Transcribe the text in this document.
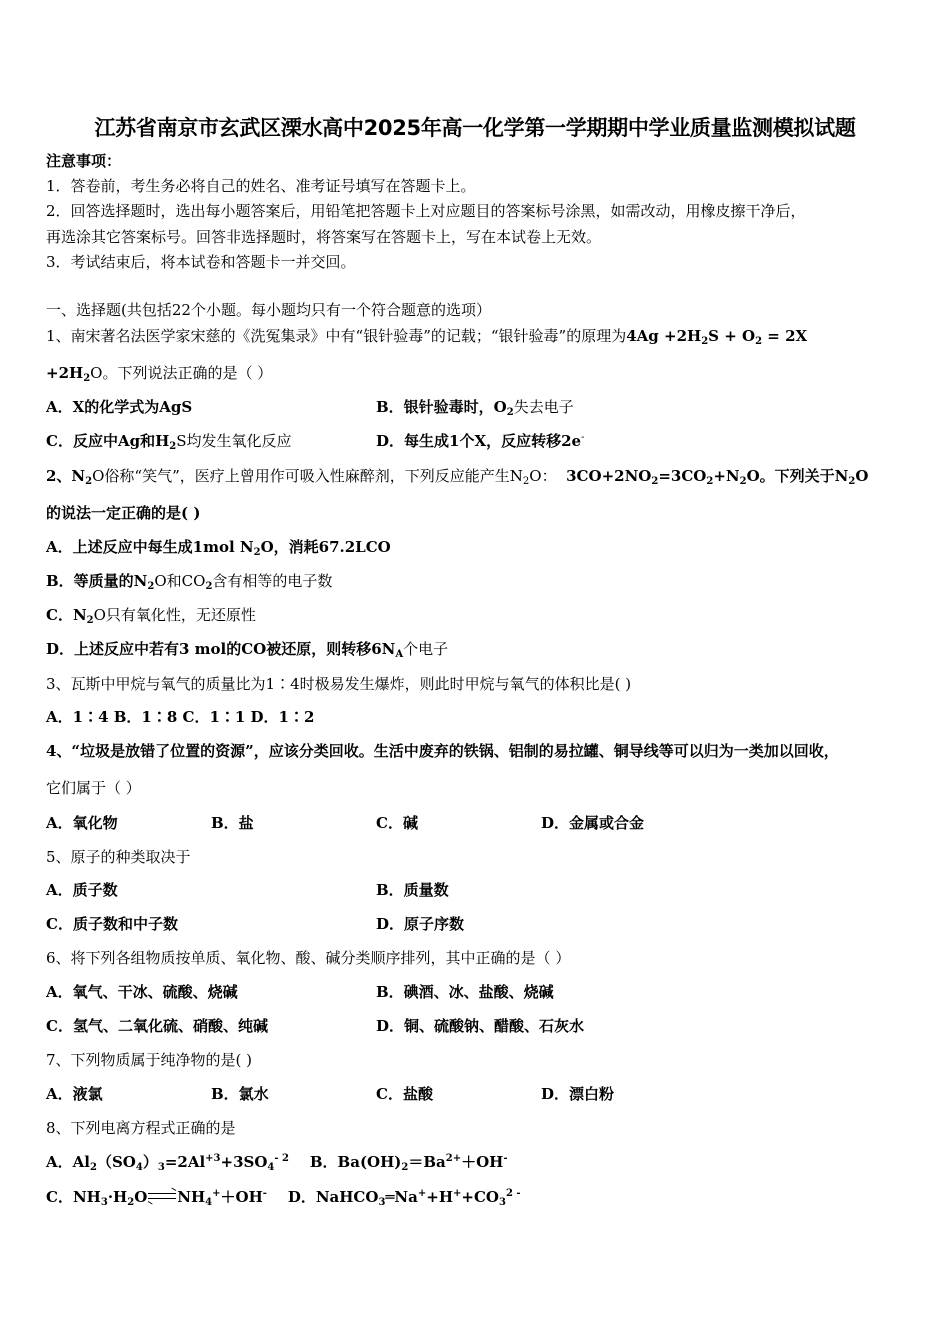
江苏省南京市玄武区溧水高中2025年高一化学第一学期期中学业质量监测模拟试题
注意事项：
1．答卷前，考生务必将自己的姓名、准考证号填写在答题卡上。
2．回答选择题时，选出每小题答案后，用铅笔把答题卡上对应题目的答案标号涂黑，如需改动，用橡皮擦干净后，
再选涂其它答案标号。回答非选择题时，将答案写在答题卡上，写在本试卷上无效。
3．考试结束后，将本试卷和答题卡一并交回。
一、选择题(共包括22个小题。每小题均只有一个符合题意的选项）
1、南宋著名法医学家宋慈的《洗冤集录》中有“银针验毒”的记载；“银针验毒”的原理为$4Ag +2H_2S + O_2 = 2X$
$+2H_2O$。下列说法正确的是（ ）
A．X的化学式为AgS	B．银针验毒时，$O_2$失去电子
C．反应中Ag和$H_2S$均发生氧化反应	D．每生成1个X，反应转移2e-
2、$N_2O$俗称“笑气”，医疗上曾用作可吸入性麻醉剂，下列反应能产生$N_2O$： $3CO+2NO_2=3CO_2+N_2O$。下列关于$N_2O$
的说法一定正确的是( )
A．上述反应中每生成1mol $N_2O$，消耗67.2LCO
B．等质量的$N_2O$和$CO_2$含有相等的电子数
C．$N_2O$只有氧化性，无还原性
D．上述反应中若有3 mol的CO被还原，则转移$6N_A$个电子
3、瓦斯中甲烷与氧气的质量比为1∶4时极易发生爆炸，则此时甲烷与氧气的体积比是( )
A．1∶4 B．1∶8 C．1∶1 D．1∶2
4、“垃圾是放错了位置的资源”，应该分类回收。生活中废弃的铁锅、铝制的易拉罐、铜导线等可以归为一类加以回收，
它们属于（ ）
A．氧化物	B．盐	C．碱	D．金属或合金
5、原子的种类取决于
A．质子数	B．质量数
C．质子数和中子数	D．原子序数
6、将下列各组物质按单质、氧化物、酸、碱分类顺序排列，其中正确的是（ ）
A．氧气、干冰、硫酸、烧碱	B．碘酒、冰、盐酸、烧碱
C．氢气、二氧化硫、硝酸、纯碱	D．铜、硫酸钠、醋酸、石灰水
7、下列物质属于纯净物的是( )
A．液氯	B．氯水	C．盐酸	D．漂白粉
8、下列电离方程式正确的是
A．$Al_2(SO_4)_3=2Al^{+3}+3SO_4^{- 2}$ B．$Ba(OH)_2=Ba^{2+}+OH^-$
C．$NH_3\cdot H_2O$ $NH_4^++OH^-$ D．$NaHCO_3═Na^++H^++CO_3^{2 -}$
